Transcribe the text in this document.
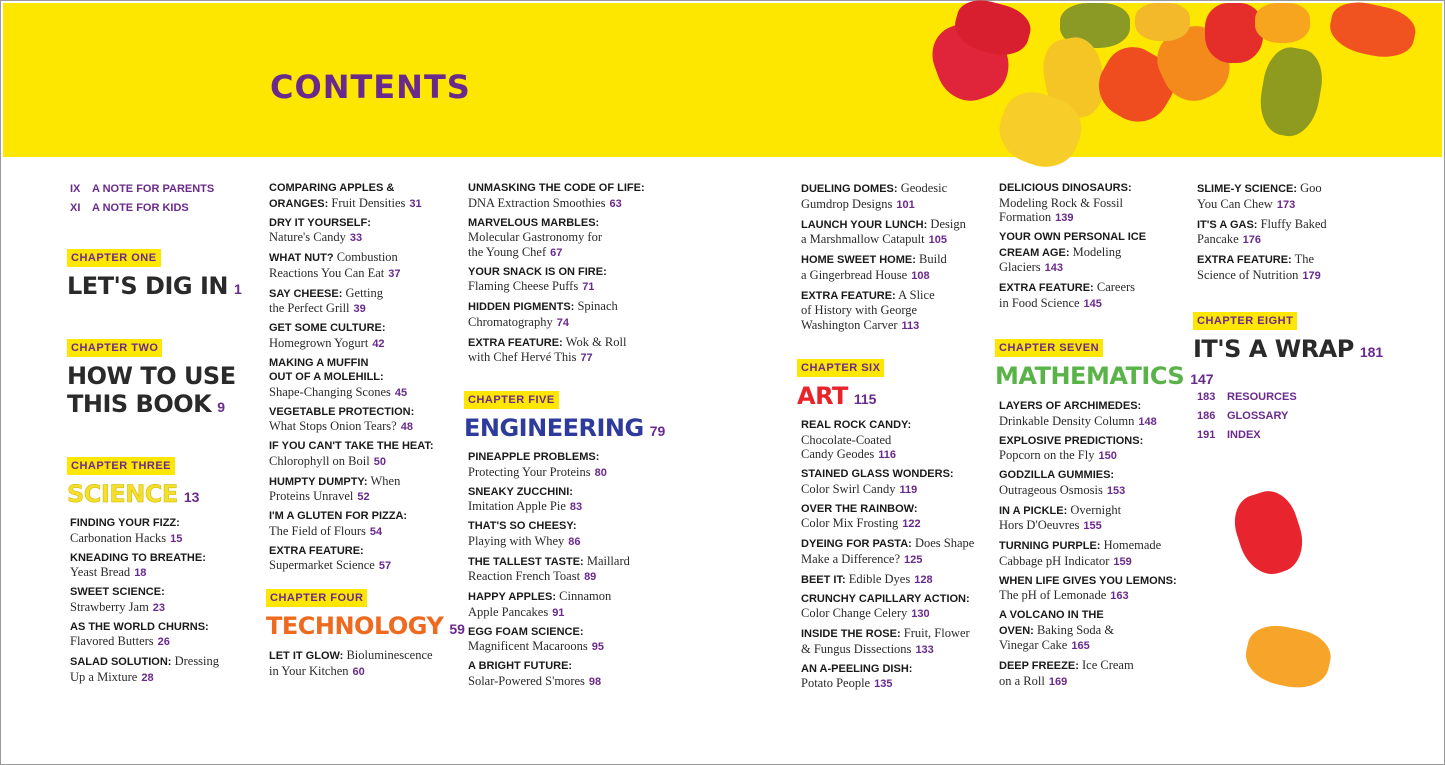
CONTENTS
IX A NOTE FOR PARENTS
XI A NOTE FOR KIDS
CHAPTER ONE
LET'S DIG IN 1
CHAPTER TWO
HOW TO USE
THIS BOOK 9
CHAPTER THREE
SCIENCE 13
FINDING YOUR FIZZ:
Carbonation Hacks 15
KNEADING TO BREATHE:
Yeast Bread 18
SWEET SCIENCE:
Strawberry Jam 23
AS THE WORLD CHURNS:
Flavored Butters 26
SALAD SOLUTION: Dressing
Up a Mixture 28
COMPARING APPLES &
ORANGES: Fruit Densities 31
DRY IT YOURSELF:
Nature's Candy 33
WHAT NUT? Combustion
Reactions You Can Eat 37
SAY CHEESE: Getting
the Perfect Grill 39
GET SOME CULTURE:
Homegrown Yogurt 42
MAKING A MUFFIN
OUT OF A MOLEHILL:
Shape-Changing Scones 45
VEGETABLE PROTECTION:
What Stops Onion Tears? 48
IF YOU CAN'T TAKE THE HEAT:
Chlorophyll on Boil 50
HUMPTY DUMPTY: When
Proteins Unravel 52
I'M A GLUTEN FOR PIZZA:
The Field of Flours 54
EXTRA FEATURE:
Supermarket Science 57
CHAPTER FOUR
TECHNOLOGY 59
LET IT GLOW: Bioluminescence
in Your Kitchen 60
UNMASKING THE CODE OF LIFE:
DNA Extraction Smoothies 63
MARVELOUS MARBLES:
Molecular Gastronomy for
the Young Chef 67
YOUR SNACK IS ON FIRE:
Flaming Cheese Puffs 71
HIDDEN PIGMENTS: Spinach
Chromatography 74
EXTRA FEATURE: Wok & Roll
with Chef Hervé This 77
CHAPTER FIVE
ENGINEERING 79
PINEAPPLE PROBLEMS:
Protecting Your Proteins 80
SNEAKY ZUCCHINI:
Imitation Apple Pie 83
THAT'S SO CHEESY:
Playing with Whey 86
THE TALLEST TASTE: Maillard
Reaction French Toast 89
HAPPY APPLES: Cinnamon
Apple Pancakes 91
EGG FOAM SCIENCE:
Magnificent Macaroons 95
A BRIGHT FUTURE:
Solar-Powered S'mores 98
DUELING DOMES: Geodesic
Gumdrop Designs 101
LAUNCH YOUR LUNCH: Design
a Marshmallow Catapult 105
HOME SWEET HOME: Build
a Gingerbread House 108
EXTRA FEATURE: A Slice
of History with George
Washington Carver 113
CHAPTER SIX
ART 115
REAL ROCK CANDY:
Chocolate-Coated
Candy Geodes 116
STAINED GLASS WONDERS:
Color Swirl Candy 119
OVER THE RAINBOW:
Color Mix Frosting 122
DYEING FOR PASTA: Does Shape
Make a Difference? 125
BEET IT: Edible Dyes 128
CRUNCHY CAPILLARY ACTION:
Color Change Celery 130
INSIDE THE ROSE: Fruit, Flower
& Fungus Dissections 133
AN A-PEELING DISH:
Potato People 135
DELICIOUS DINOSAURS:
Modeling Rock & Fossil
Formation 139
YOUR OWN PERSONAL ICE
CREAM AGE: Modeling
Glaciers 143
EXTRA FEATURE: Careers
in Food Science 145
CHAPTER SEVEN
MATHEMATICS 147
LAYERS OF ARCHIMEDES:
Drinkable Density Column 148
EXPLOSIVE PREDICTIONS:
Popcorn on the Fly 150
GODZILLA GUMMIES:
Outrageous Osmosis 153
IN A PICKLE: Overnight
Hors D'Oeuvres 155
TURNING PURPLE: Homemade
Cabbage pH Indicator 159
WHEN LIFE GIVES YOU LEMONS:
The pH of Lemonade 163
A VOLCANO IN THE
OVEN: Baking Soda &
Vinegar Cake 165
DEEP FREEZE: Ice Cream
on a Roll 169
SLIME-Y SCIENCE: Goo
You Can Chew 173
IT'S A GAS: Fluffy Baked
Pancake 176
EXTRA FEATURE: The
Science of Nutrition 179
CHAPTER EIGHT
IT'S A WRAP 181
183 RESOURCES
186 GLOSSARY
191 INDEX
